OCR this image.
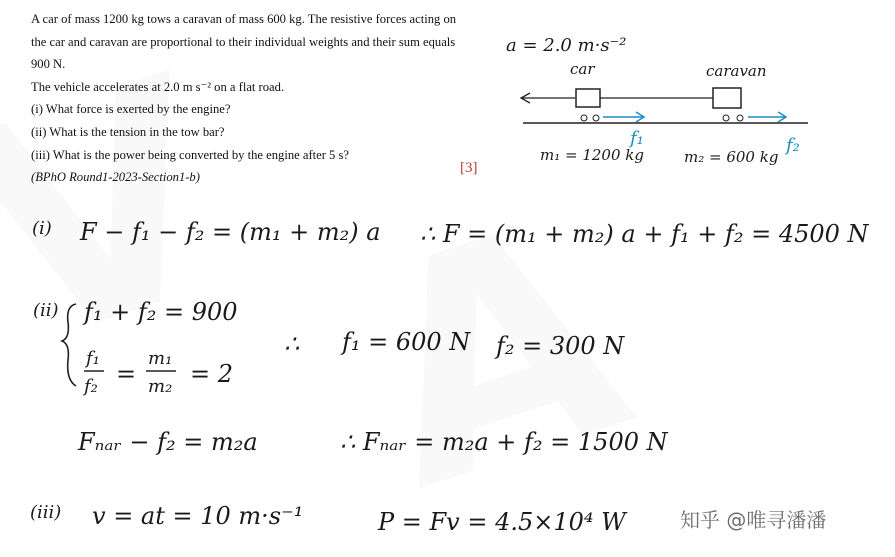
A car of mass 1200 kg tows a caravan of mass 600 kg. The resistive forces acting on

the car and caravan are proportional to their individual weights and their sum equals

900 N.

The vehicle accelerates at 2.0 m s⁻² on a flat road.

(i) What force is exerted by the engine?

(ii) What is the tension in the tow bar?

(iii) What is the power being converted by the engine after 5 s?

(BPhO Round1-2023-Section1-b)

[3]
a = 2.0 m·s⁻²
car	caravan
f₁	f₂
m₁ = 1200 kg	m₂ = 600 kg
(i) F − f₁ − f₂ = (m₁ + m₂) a ∴ F = (m₁ + m₂) a + f₁ + f₂ = 4500 N
(ii) f₁ + f₂ = 900
f₁
f₂ =
m₁
m₂ = 2
∴ f₁ = 600 N f₂ = 300 N
Fₙₐᵣ − f₂ = m₂a	∴ Fₙₐᵣ = m₂a + f₂ = 1500 N
(iii) v = at = 10 m·s⁻¹	P = Fv = 4.5×10⁴ W	知乎 @唯寻潘潘
